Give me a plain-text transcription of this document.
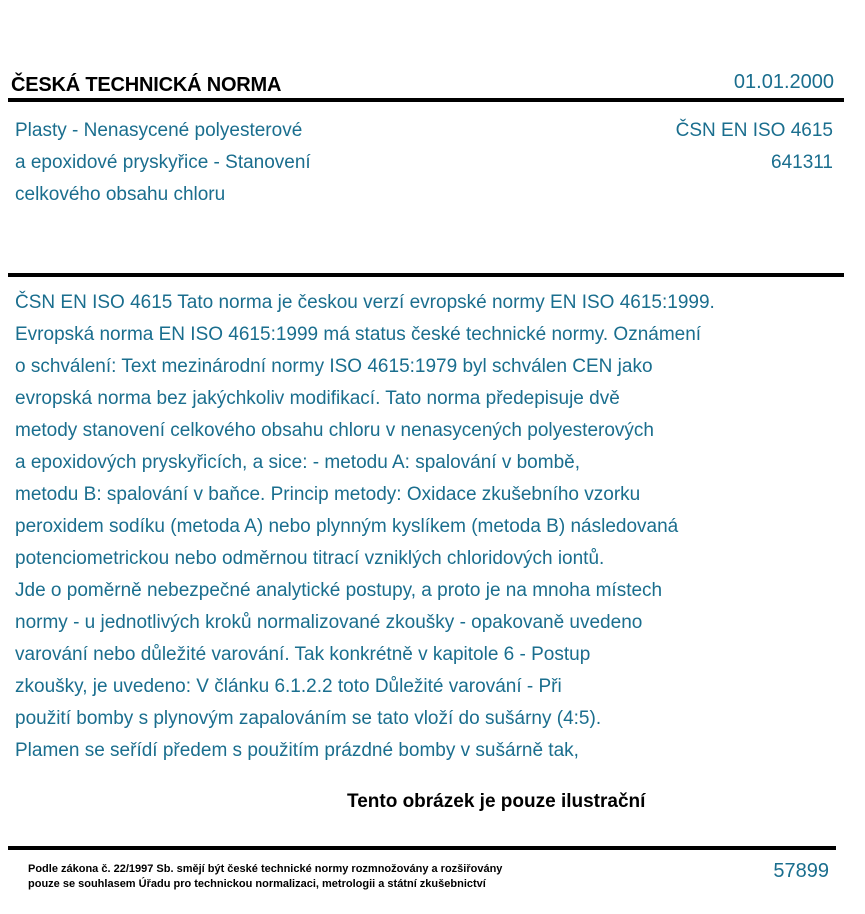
ČESKÁ TECHNICKÁ NORMA	01.01.2000
Plasty - Nenasycené polyesterové
a epoxidové pryskyřice - Stanovení
celkového obsahu chloru
ČSN EN ISO 4615
641311
ČSN EN ISO 4615 Tato norma je českou verzí evropské normy EN ISO 4615:1999.
Evropská norma EN ISO 4615:1999 má status české technické normy. Oznámení
o schválení: Text mezinárodní normy ISO 4615:1979 byl schválen CEN jako
evropská norma bez jakýchkoliv modifikací. Tato norma předepisuje dvě
metody stanovení celkového obsahu chloru v nenasycených polyesterových
a epoxidových pryskyřicích, a sice: - metodu A: spalování v bombě,
metodu B: spalování v baňce. Princip metody: Oxidace zkušebního vzorku
peroxidem sodíku (metoda A) nebo plynným kyslíkem (metoda B) následovaná
potenciometrickou nebo odměrnou titrací vzniklých chloridových iontů.
Jde o poměrně nebezpečné analytické postupy, a proto je na mnoha místech
normy - u jednotlivých kroků normalizované zkoušky - opakovaně uvedeno
varování nebo důležité varování. Tak konkrétně v kapitole 6 - Postup
zkoušky, je uvedeno: V článku 6.1.2.2 toto Důležité varování - Při
použití bomby s plynovým zapalováním se tato vloží do sušárny (4:5).
Plamen se seřídí předem s použitím prázdné bomby v sušárně tak,
Tento obrázek je pouze ilustrační
Podle zákona č. 22/1997 Sb. smějí být české technické normy rozmnožovány a rozšiřovány
pouze se souhlasem Úřadu pro technickou normalizaci, metrologii a státní zkušebnictví
57899
